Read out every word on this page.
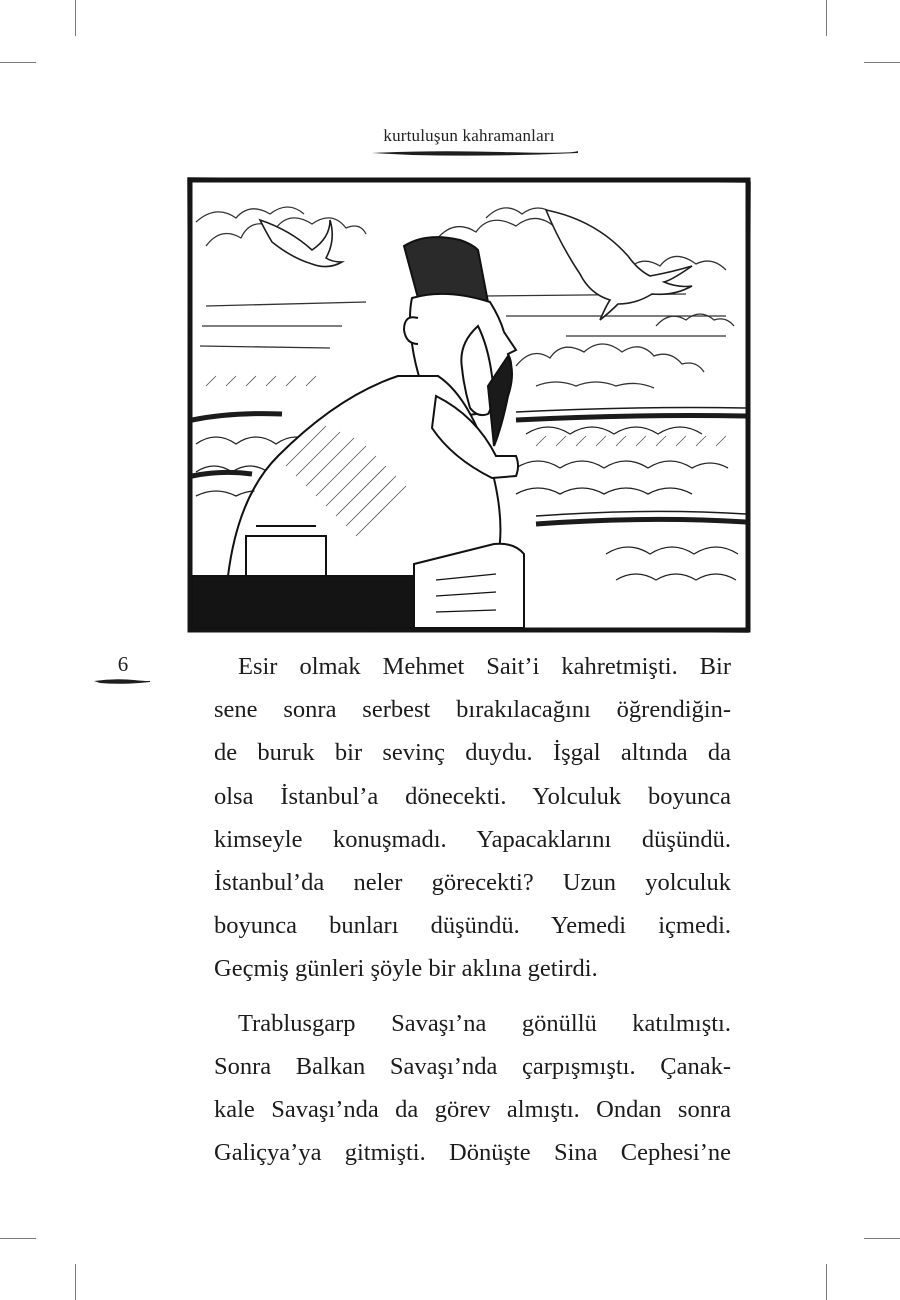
kurtuluşun kahramanları
6	Esir olmak Mehmet Sait’i kahretmişti. Bir
sene sonra serbest bırakılacağını öğrendiğin-
de buruk bir sevinç duydu. İşgal altında da
olsa İstanbul’a dönecekti. Yolculuk boyunca
kimseyle konuşmadı. Yapacaklarını düşündü.
İstanbul’da neler görecekti? Uzun yolculuk
boyunca bunları düşündü. Yemedi içmedi.
Geçmiş günleri şöyle bir aklına getirdi.
Trablusgarp Savaşı’na gönüllü katılmıştı.
Sonra Balkan Savaşı’nda çarpışmıştı. Çanak-
kale Savaşı’nda da görev almıştı. Ondan sonra
Galiçya’ya gitmişti. Dönüşte Sina Cephesi’ne
